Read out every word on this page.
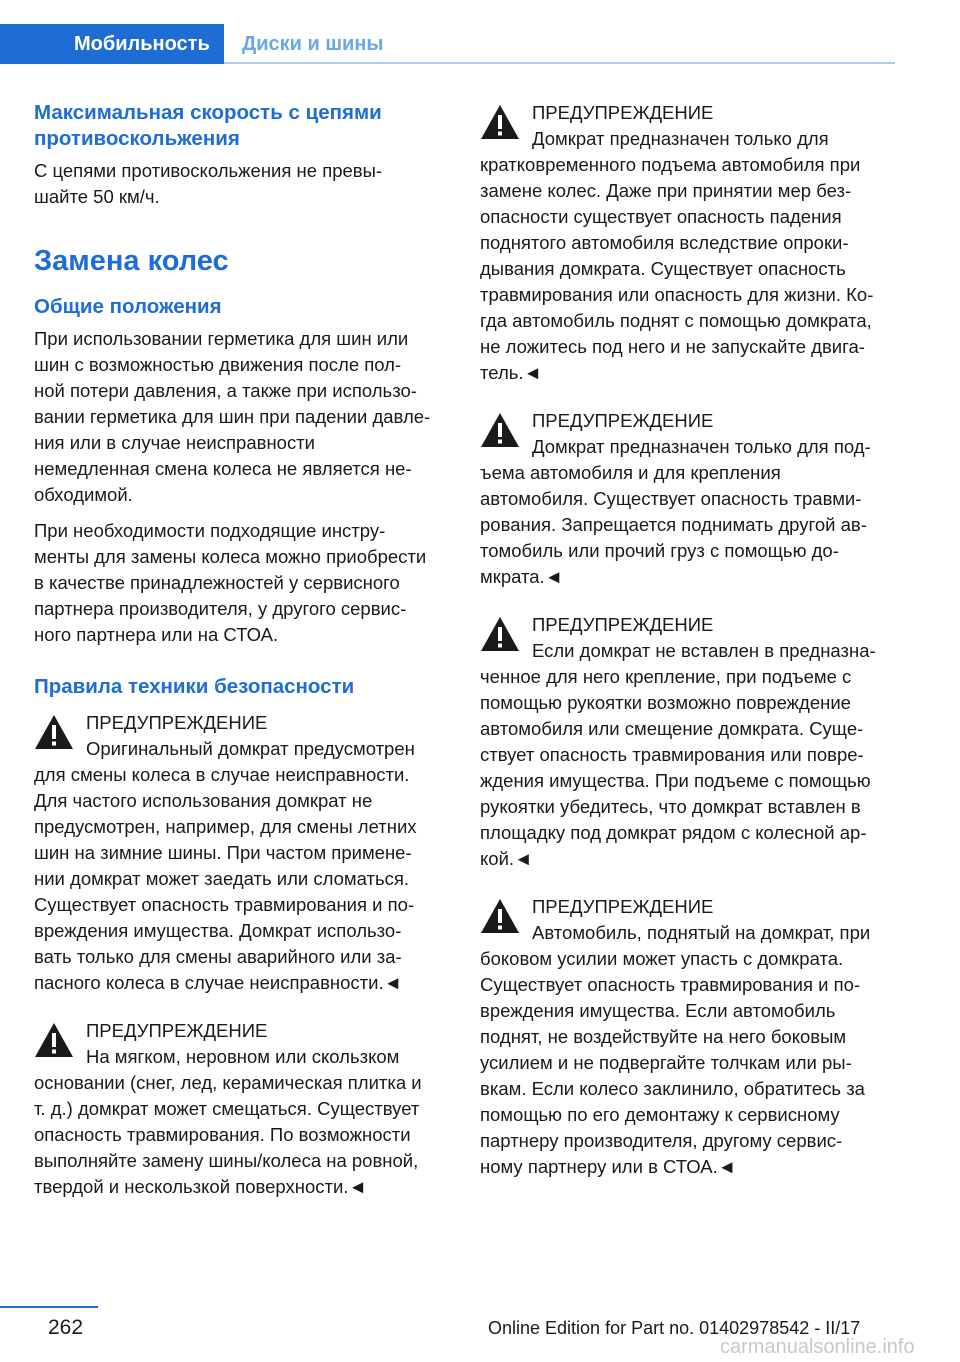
Мобильность	Диски и шины
Максимальная скорость с цепями противоскольжения
С цепями противоскольжения не превы-
шайте 50 км/ч.
Замена колес
Общие положения
При использовании герметика для шин или
шин с возможностью движения после пол-
ной потери давления, а также при использо-
вании герметика для шин при падении давле-
ния или в случае неисправности
немедленная смена колеса не является не-
обходимой.
При необходимости подходящие инстру-
менты для замены колеса можно приобрести
в качестве принадлежностей у сервисного
партнера производителя, у другого сервис-
ного партнера или на СТОА.
Правила техники безопасности
ПРЕДУПРЕЖДЕНИЕ
Оригинальный домкрат предусмотрен
для смены колеса в случае неисправности.
Для частого использования домкрат не
предусмотрен, например, для смены летних
шин на зимние шины. При частом примене-
нии домкрат может заедать или сломаться.
Существует опасность травмирования и по-
вреждения имущества. Домкрат использо-
вать только для смены аварийного или за-
пасного колеса в случае неисправности.◄
ПРЕДУПРЕЖДЕНИЕ
На мягком, неровном или скользком
основании (снег, лед, керамическая плитка и
т. д.) домкрат может смещаться. Существует
опасность травмирования. По возможности
выполняйте замену шины/колеса на ровной,
твердой и нескользкой поверхности.◄
ПРЕДУПРЕЖДЕНИЕ
Домкрат предназначен только для
кратковременного подъема автомобиля при
замене колес. Даже при принятии мер без-
опасности существует опасность падения
поднятого автомобиля вследствие опроки-
дывания домкрата. Существует опасность
травмирования или опасность для жизни. Ко-
гда автомобиль поднят с помощью домкрата,
не ложитесь под него и не запускайте двига-
тель.◄
ПРЕДУПРЕЖДЕНИЕ
Домкрат предназначен только для под-
ъема автомобиля и для крепления
автомобиля. Существует опасность травми-
рования. Запрещается поднимать другой ав-
томобиль или прочий груз с помощью до-
мкрата.◄
ПРЕДУПРЕЖДЕНИЕ
Если домкрат не вставлен в предназна-
ченное для него крепление, при подъеме с
помощью рукоятки возможно повреждение
автомобиля или смещение домкрата. Суще-
ствует опасность травмирования или повре-
ждения имущества. При подъеме с помощью
рукоятки убедитесь, что домкрат вставлен в
площадку под домкрат рядом с колесной ар-
кой.◄
ПРЕДУПРЕЖДЕНИЕ
Автомобиль, поднятый на домкрат, при
боковом усилии может упасть с домкрата.
Существует опасность травмирования и по-
вреждения имущества. Если автомобиль
поднят, не воздействуйте на него боковым
усилием и не подвергайте толчкам или ры-
вкам. Если колесо заклинило, обратитесь за
помощью по его демонтажу к сервисному
партнеру производителя, другому сервис-
ному партнеру или в СТОА.◄
262	Online Edition for Part no. 01402978542 - II/17
carmanualsonline.info
